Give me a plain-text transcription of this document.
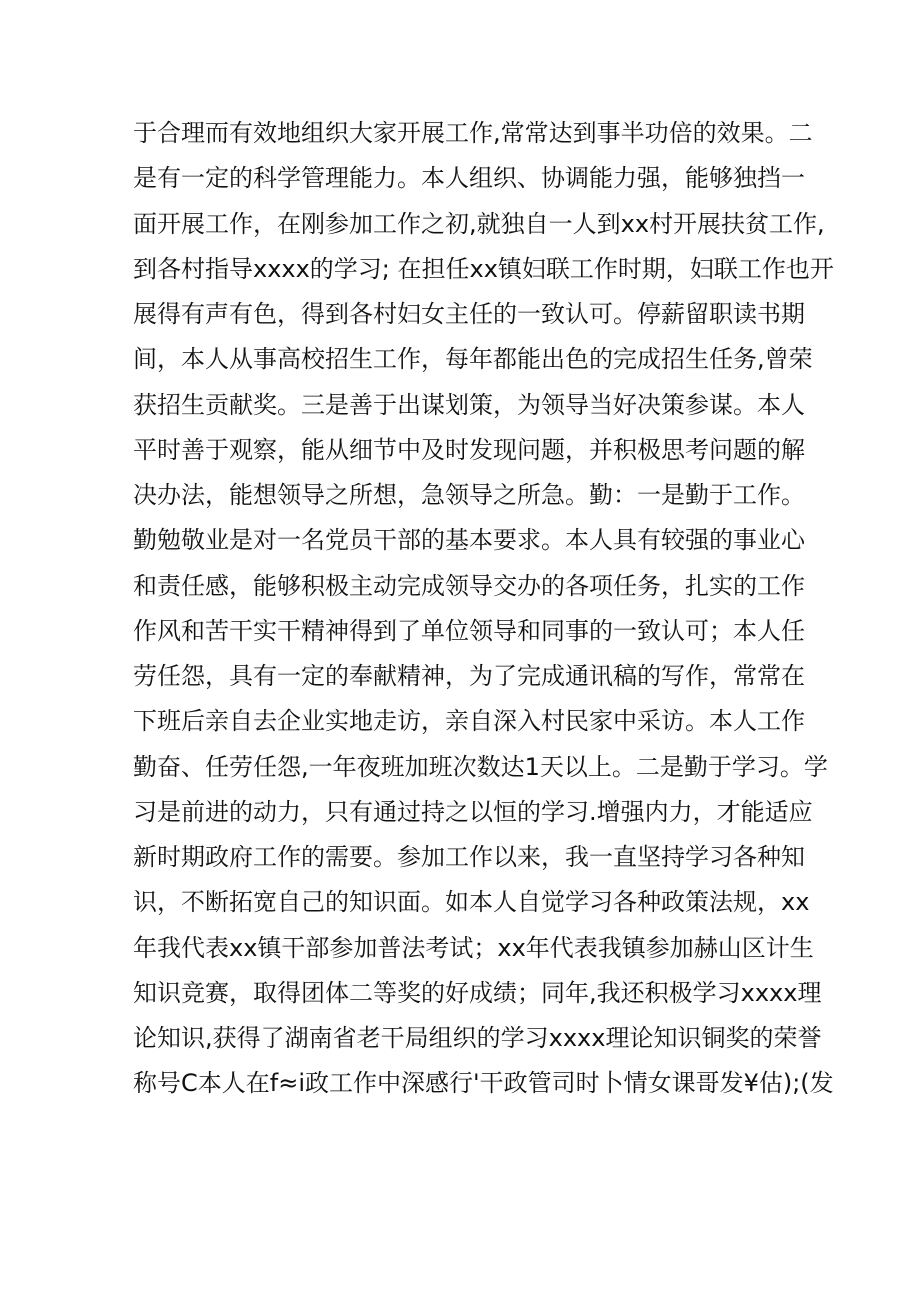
于合理而有效地组织大家开展工作,常常达到事半功倍的效果。二
是有一定的科学管理能力。本人组织、协调能力强，能够独挡一
面开展工作，在刚参加工作之初,就独自一人到xx村开展扶贫工作,
到各村指导xxxx的学习; 在担任xx镇妇联工作时期，妇联工作也开
展得有声有色，得到各村妇女主任的一致认可。停薪留职读书期
间，本人从事高校招生工作，每年都能出色的完成招生任务,曾荣
获招生贡献奖。三是善于出谋划策，为领导当好决策参谋。本人
平时善于观察，能从细节中及时发现问题，并积极思考问题的解
决办法，能想领导之所想，急领导之所急。勤：一是勤于工作。
勤勉敬业是对一名党员干部的基本要求。本人具有较强的事业心
和责任感，能够积极主动完成领导交办的各项任务，扎实的工作
作风和苦干实干精神得到了单位领导和同事的一致认可；本人任
劳任怨，具有一定的奉献精神，为了完成通讯稿的写作，常常在
下班后亲自去企业实地走访，亲自深入村民家中采访。本人工作
勤奋、任劳任怨,一年夜班加班次数达1天以上。二是勤于学习。学
习是前进的动力，只有通过持之以恒的学习.增强内力，才能适应
新时期政府工作的需要。参加工作以来，我一直坚持学习各种知
识，不断拓宽自己的知识面。如本人自觉学习各种政策法规，xx
年我代表xx镇干部参加普法考试；xx年代表我镇参加赫山区计生
知识竞赛，取得团体二等奖的好成绩；同年,我还积极学习xxxx理
论知识,获得了湖南省老干局组织的学习xxxx理论知识铜奖的荣誉
称号C本人在f≈i政工作中深感行'干政管司时卜情女课哥发¥估);(发
